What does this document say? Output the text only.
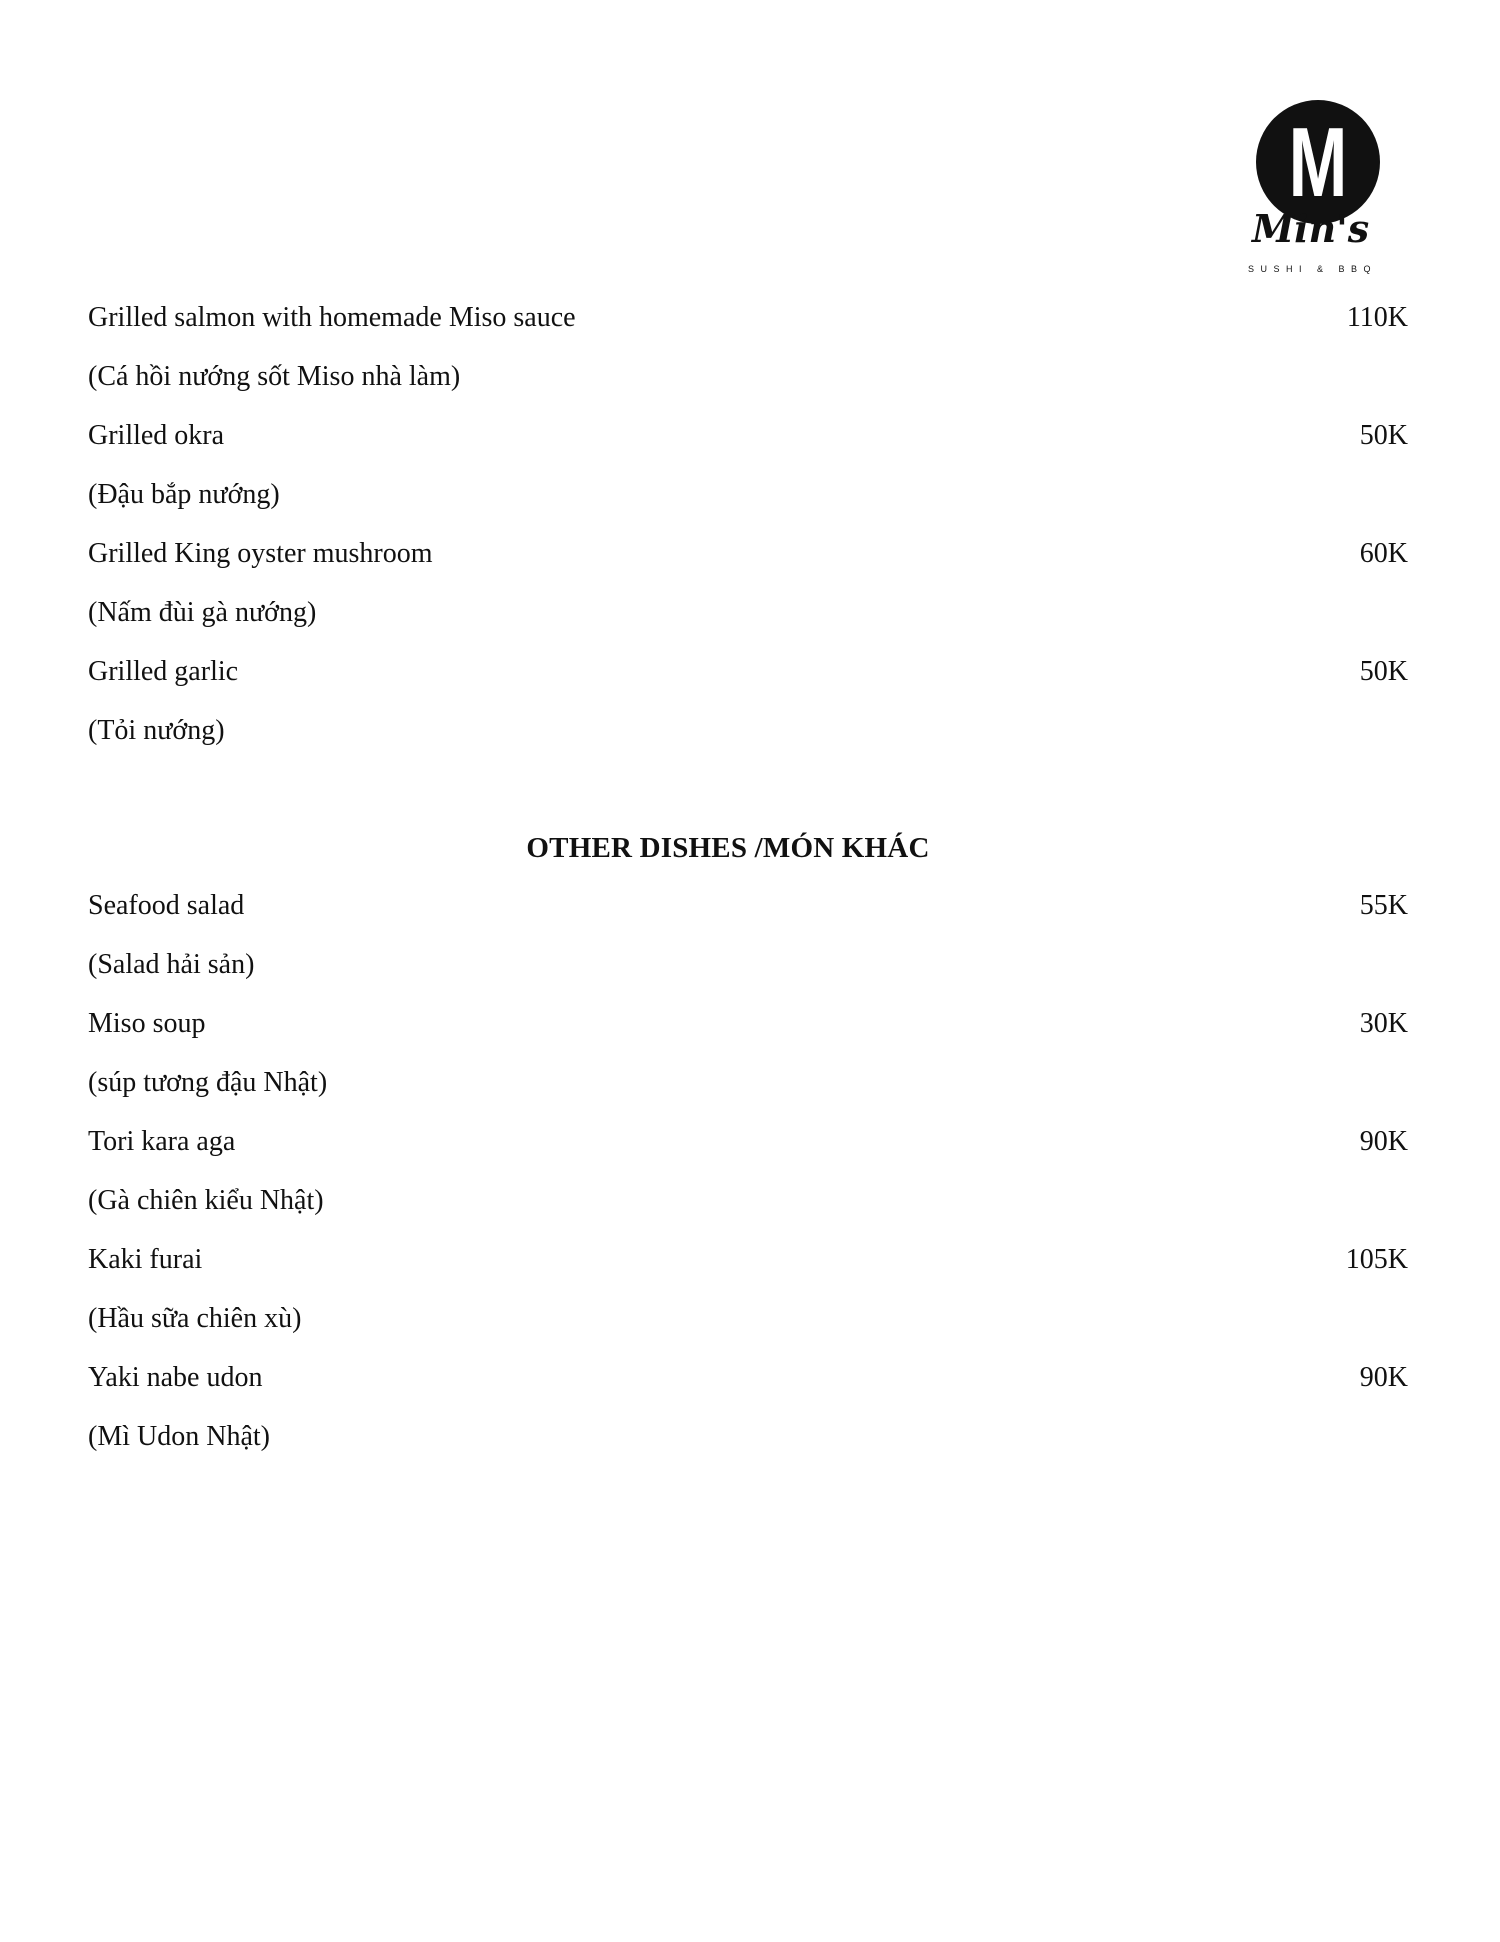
M
Min's
SUSHI & BBQ
Grilled salmon with homemade Miso sauce	110K
(Cá hồi nướng sốt Miso nhà làm)
Grilled okra	50K
(Đậu bắp nướng)
Grilled King oyster mushroom	60K
(Nấm đùi gà nướng)
Grilled garlic	50K
(Tỏi nướng)
OTHER DISHES /MÓN KHÁC
Seafood salad	55K
(Salad hải sản)
Miso soup	30K
(súp tương đậu Nhật)
Tori kara aga	90K
(Gà chiên kiểu Nhật)
Kaki furai	105K
(Hầu sữa chiên xù)
Yaki nabe udon	90K
(Mì Udon Nhật)
